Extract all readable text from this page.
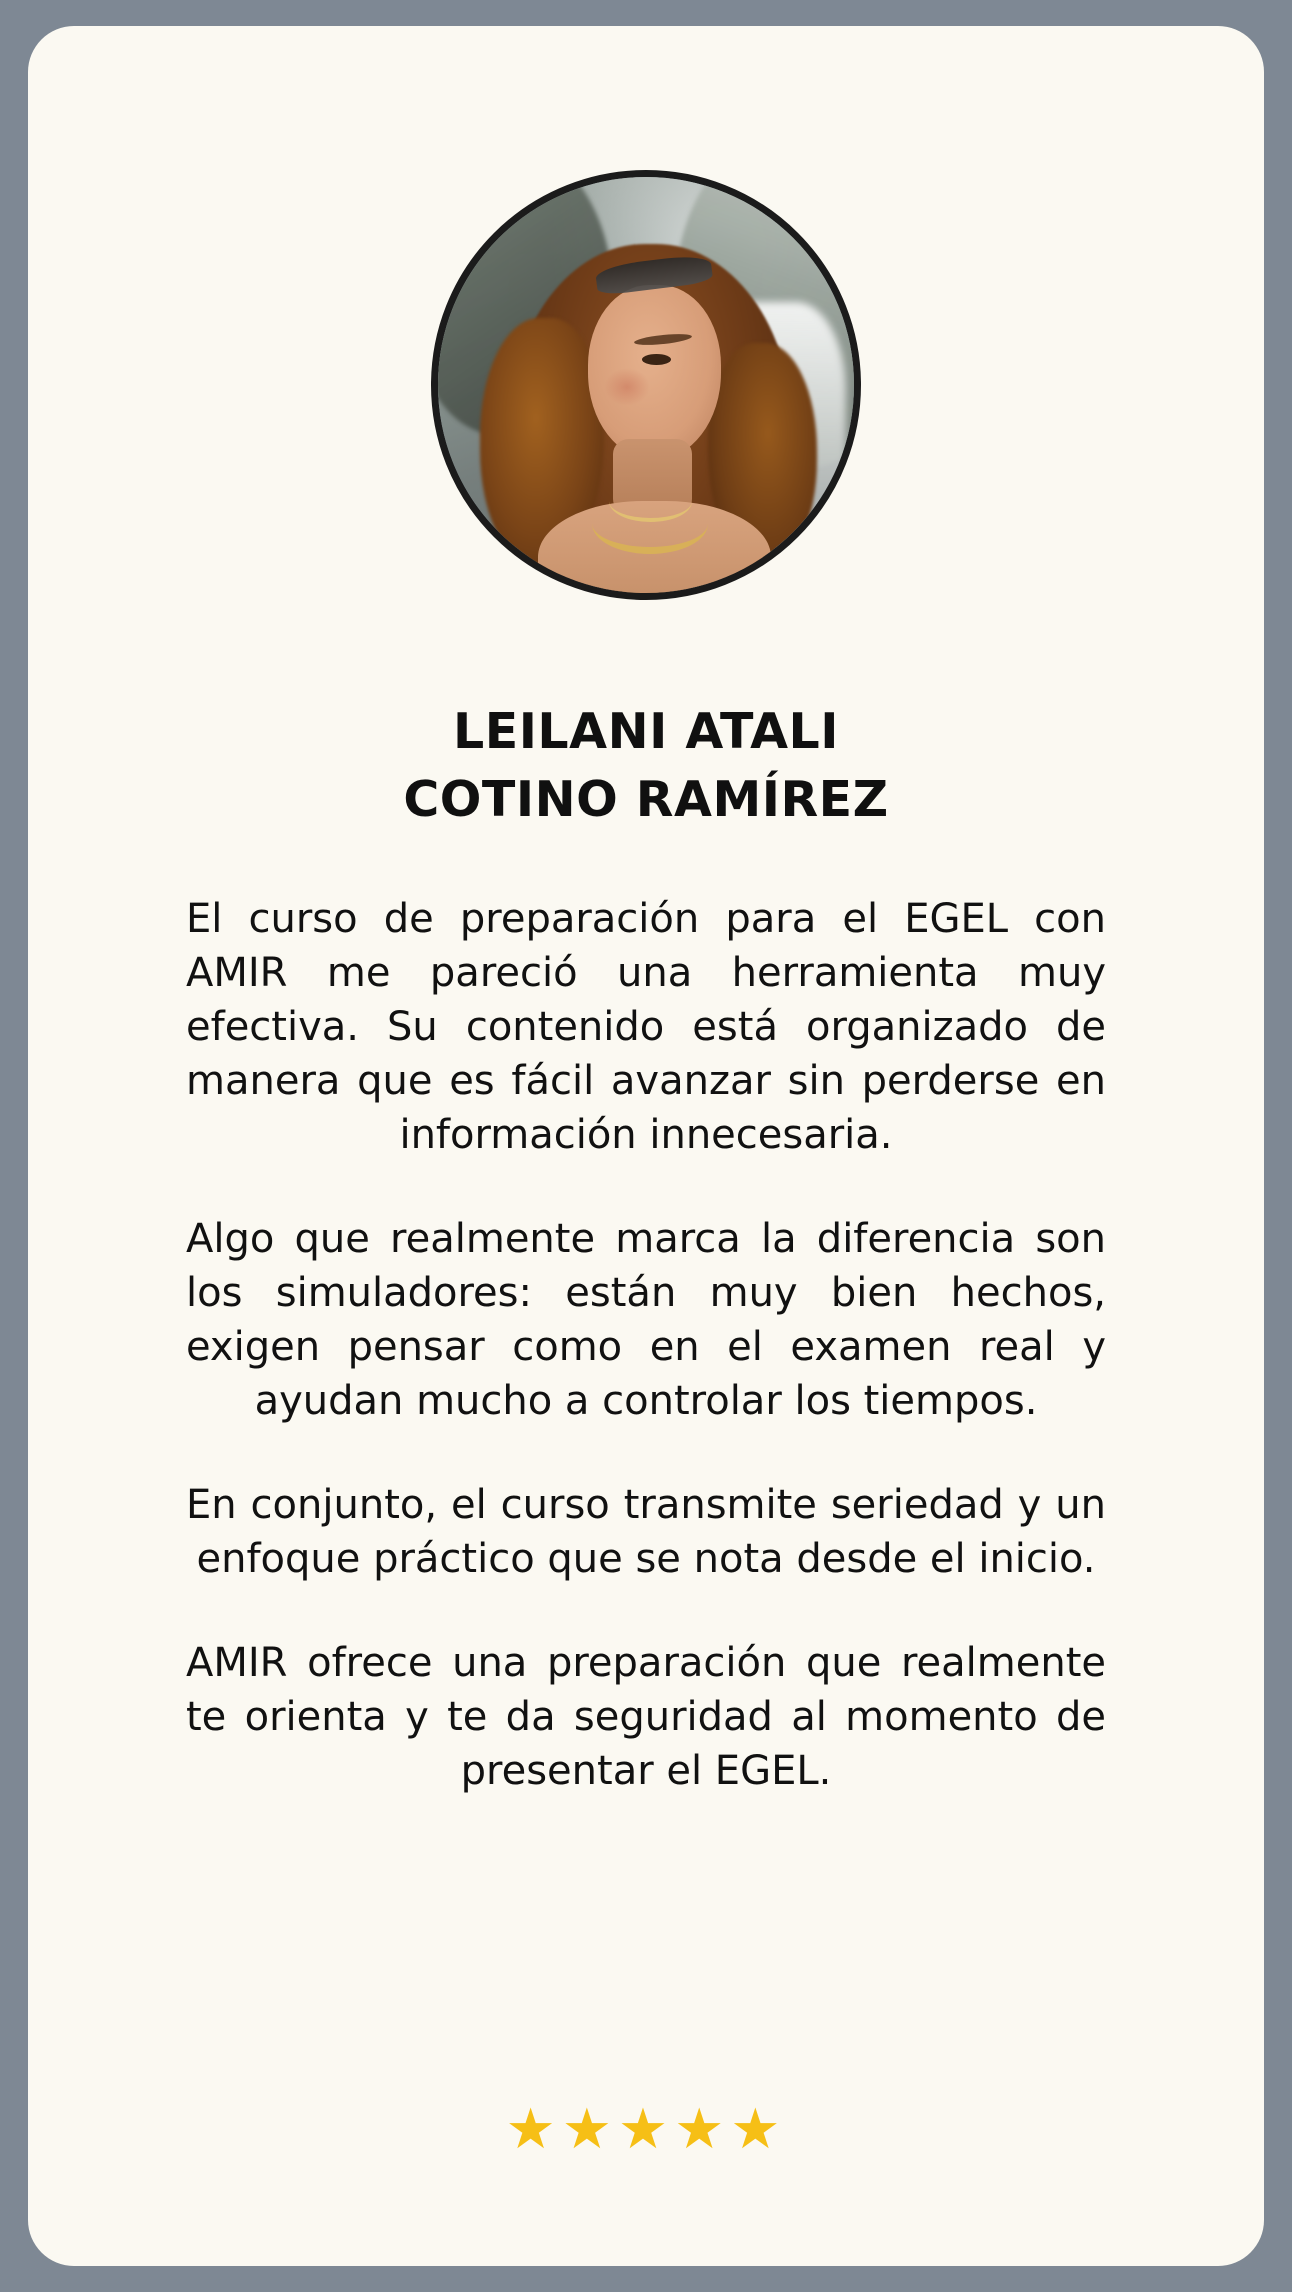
LEILANI ATALI
COTINO RAMÍREZ

El curso de preparación para el EGEL con AMIR me pareció una herramienta muy efectiva. Su contenido está organizado de manera que es fácil avanzar sin perderse en información innecesaria.

Algo que realmente marca la diferencia son los simuladores: están muy bien hechos, exigen pensar como en el examen real y ayudan mucho a controlar los tiempos.

En conjunto, el curso transmite seriedad y un enfoque práctico que se nota desde el inicio.

AMIR ofrece una preparación que realmente te orienta y te da seguridad al momento de presentar el EGEL.

★★★★★
